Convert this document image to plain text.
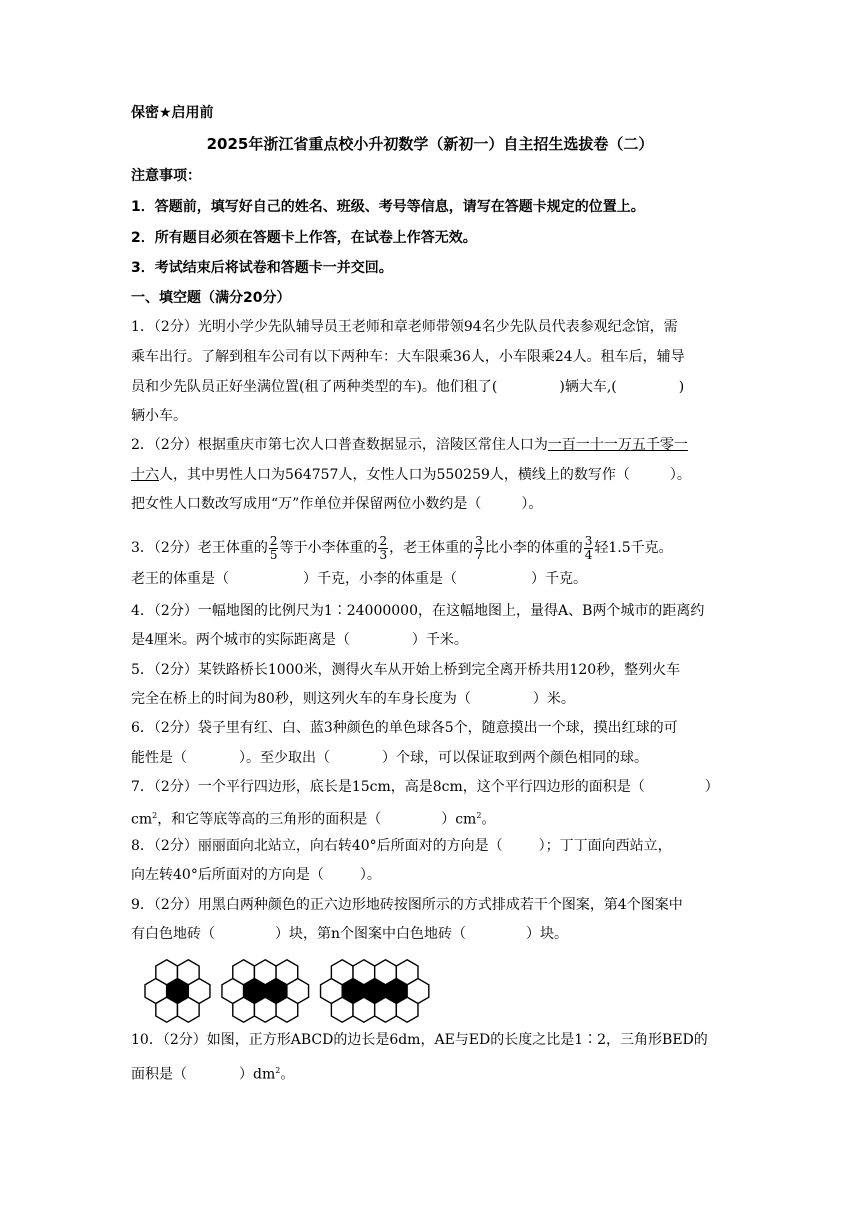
保密★启用前
2025年浙江省重点校小升初数学（新初一）自主招生选拔卷（二）
注意事项：
1．答题前，填写好自己的姓名、班级、考号等信息，请写在答题卡规定的位置上。
2．所有题目必须在答题卡上作答，在试卷上作答无效。
3．考试结束后将试卷和答题卡一并交回。
一、填空题（满分20分）
1．（2分）光明小学少先队辅导员王老师和章老师带领94名少先队员代表参观纪念馆，需
乘车出行。了解到租车公司有以下两种车：大车限乘36人，小车限乘24人。租车后，辅导
员和少先队员正好坐满位置(租了两种类型的车)。他们租了(	)辆大车,(	)
辆小车。
2．（2分）根据重庆市第七次人口普查数据显示，涪陵区常住人口为一百一十一万五千零一
十六人，其中男性人口为564757人，女性人口为550259人，横线上的数写作（	）。
把女性人口数改写成用“万”作单位并保留两位小数约是（	）。
3．（2分）老王体重的 $\frac{2}{5}$ 等于小李体重的 $\frac{2}{3}$ ，老王体重的 $\frac{3}{7}$ 比小李的体重的 $\frac{3}{4}$ 轻1.5千克。
老王的体重是（	）千克，小李的体重是（	）千克。
4．（2分）一幅地图的比例尺为1∶24000000，在这幅地图上，量得A、B两个城市的距离约
是4厘米。两个城市的实际距离是（	）千米。
5．（2分）某铁路桥长1000米，测得火车从开始上桥到完全离开桥共用120秒，整列火车
完全在桥上的时间为80秒，则这列火车的车身长度为（	）米。
6．（2分）袋子里有红、白、蓝3种颜色的单色球各5个，随意摸出一个球，摸出红球的可
能性是（	）。至少取出（	）个球，可以保证取到两个颜色相同的球。
7．（2分）一个平行四边形，底长是15cm，高是8cm，这个平行四边形的面积是（	）
$cm^2$，和它等底等高的三角形的面积是（	）$cm^2$。
8．（2分）丽丽面向北站立，向右转40°后所面对的方向是（	）；丁丁面向西站立，
向左转40°后所面对的方向是（	）。
9．（2分）用黑白两种颜色的正六边形地砖按图所示的方式排成若干个图案，第4个图案中
有白色地砖（	）块，第n个图案中白色地砖（	）块。
10．（2分）如图，正方形ABCD的边长是6dm，AE与ED的长度之比是1∶2，三角形BED的
面积是（	）$dm^2$。
